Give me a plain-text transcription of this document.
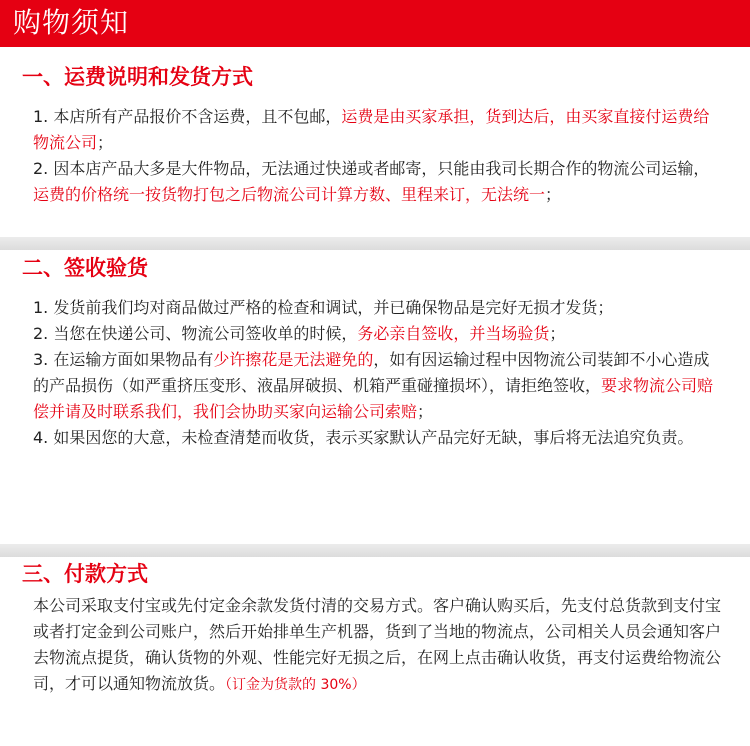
购物须知
一、运费说明和发货方式

1. 本店所有产品报价不含运费，且不包邮，运费是由买家承担，货到达后，由买家直接付运费给物流公司；

2. 因本店产品大多是大件物品，无法通过快递或者邮寄，只能由我司长期合作的物流公司运输，运费的价格统一按货物打包之后物流公司计算方数、里程来订，无法统一；

二、签收验货

1. 发货前我们均对商品做过严格的检查和调试，并已确保物品是完好无损才发货；

2. 当您在快递公司、物流公司签收单的时候，务必亲自签收，并当场验货；

3. 在运输方面如果物品有少许擦花是无法避免的，如有因运输过程中因物流公司装卸不小心造成的产品损伤（如严重挤压变形、液晶屏破损、机箱严重碰撞损坏），请拒绝签收，要求物流公司赔偿并请及时联系我们，我们会协助买家向运输公司索赔；

4. 如果因您的大意，未检查清楚而收货，表示买家默认产品完好无缺，事后将无法追究负责。

三、付款方式

本公司采取支付宝或先付定金余款发货付清的交易方式。客户确认购买后，先支付总货款到支付宝或者打定金到公司账户，然后开始排单生产机器，货到了当地的物流点，公司相关人员会通知客户去物流点提货，确认货物的外观、性能完好无损之后，在网上点击确认收货，再支付运费给物流公司，才可以通知物流放货。（订金为货款的 30%）
